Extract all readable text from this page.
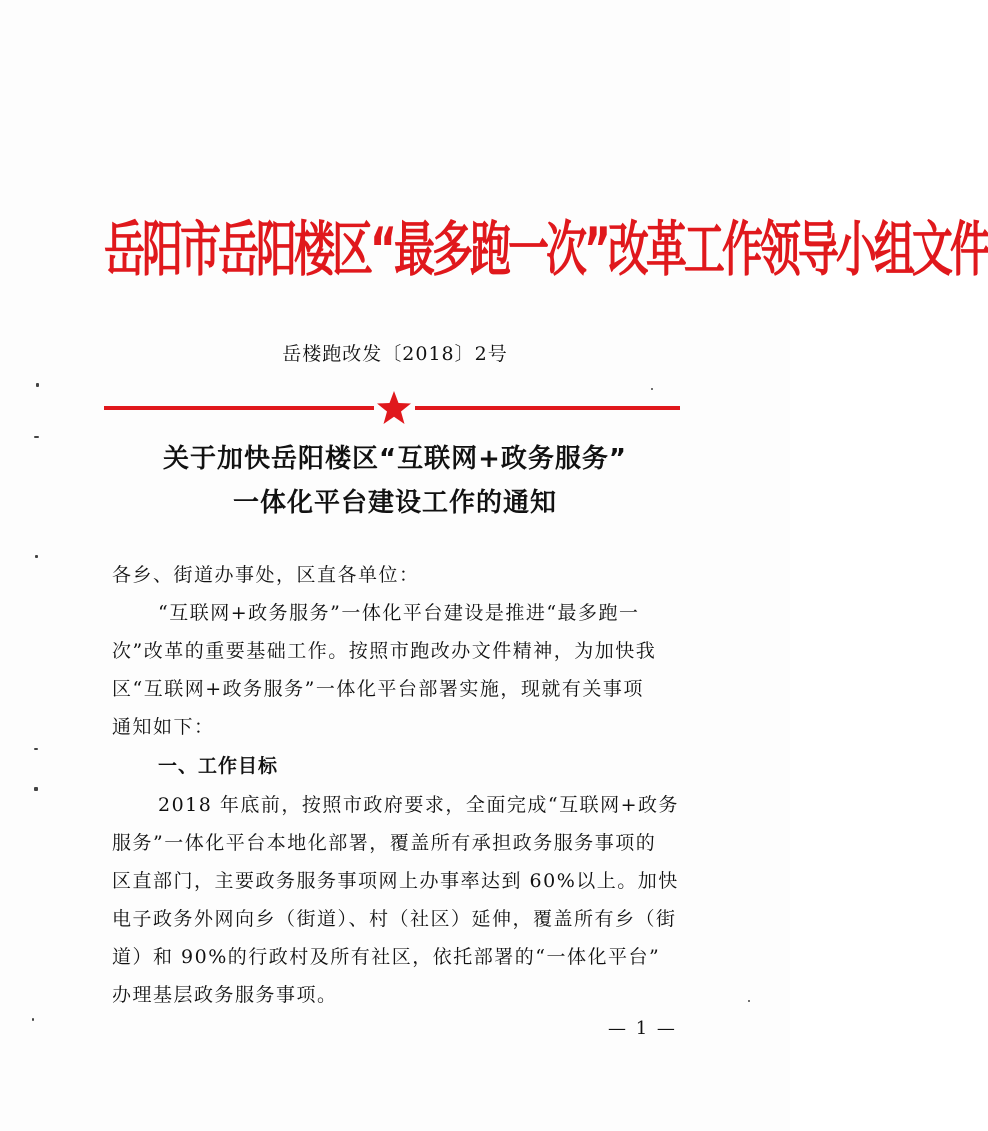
岳阳市岳阳楼区“最多跑一次”改革工作领导小组文件
岳楼跑改发〔2018〕2号
关于加快岳阳楼区“互联网+政务服务”
一体化平台建设工作的通知
各乡、街道办事处，区直各单位：
“互联网+政务服务”一体化平台建设是推进“最多跑一
次”改革的重要基础工作。按照市跑改办文件精神，为加快我
区“互联网+政务服务”一体化平台部署实施，现就有关事项
通知如下：
一、工作目标
2018 年底前，按照市政府要求，全面完成“互联网+政务
服务”一体化平台本地化部署，覆盖所有承担政务服务事项的
区直部门，主要政务服务事项网上办事率达到 60%以上。加快
电子政务外网向乡（街道）、村（社区）延伸，覆盖所有乡（街
道）和 90%的行政村及所有社区，依托部署的“一体化平台”
办理基层政务服务事项。
— 1 —
